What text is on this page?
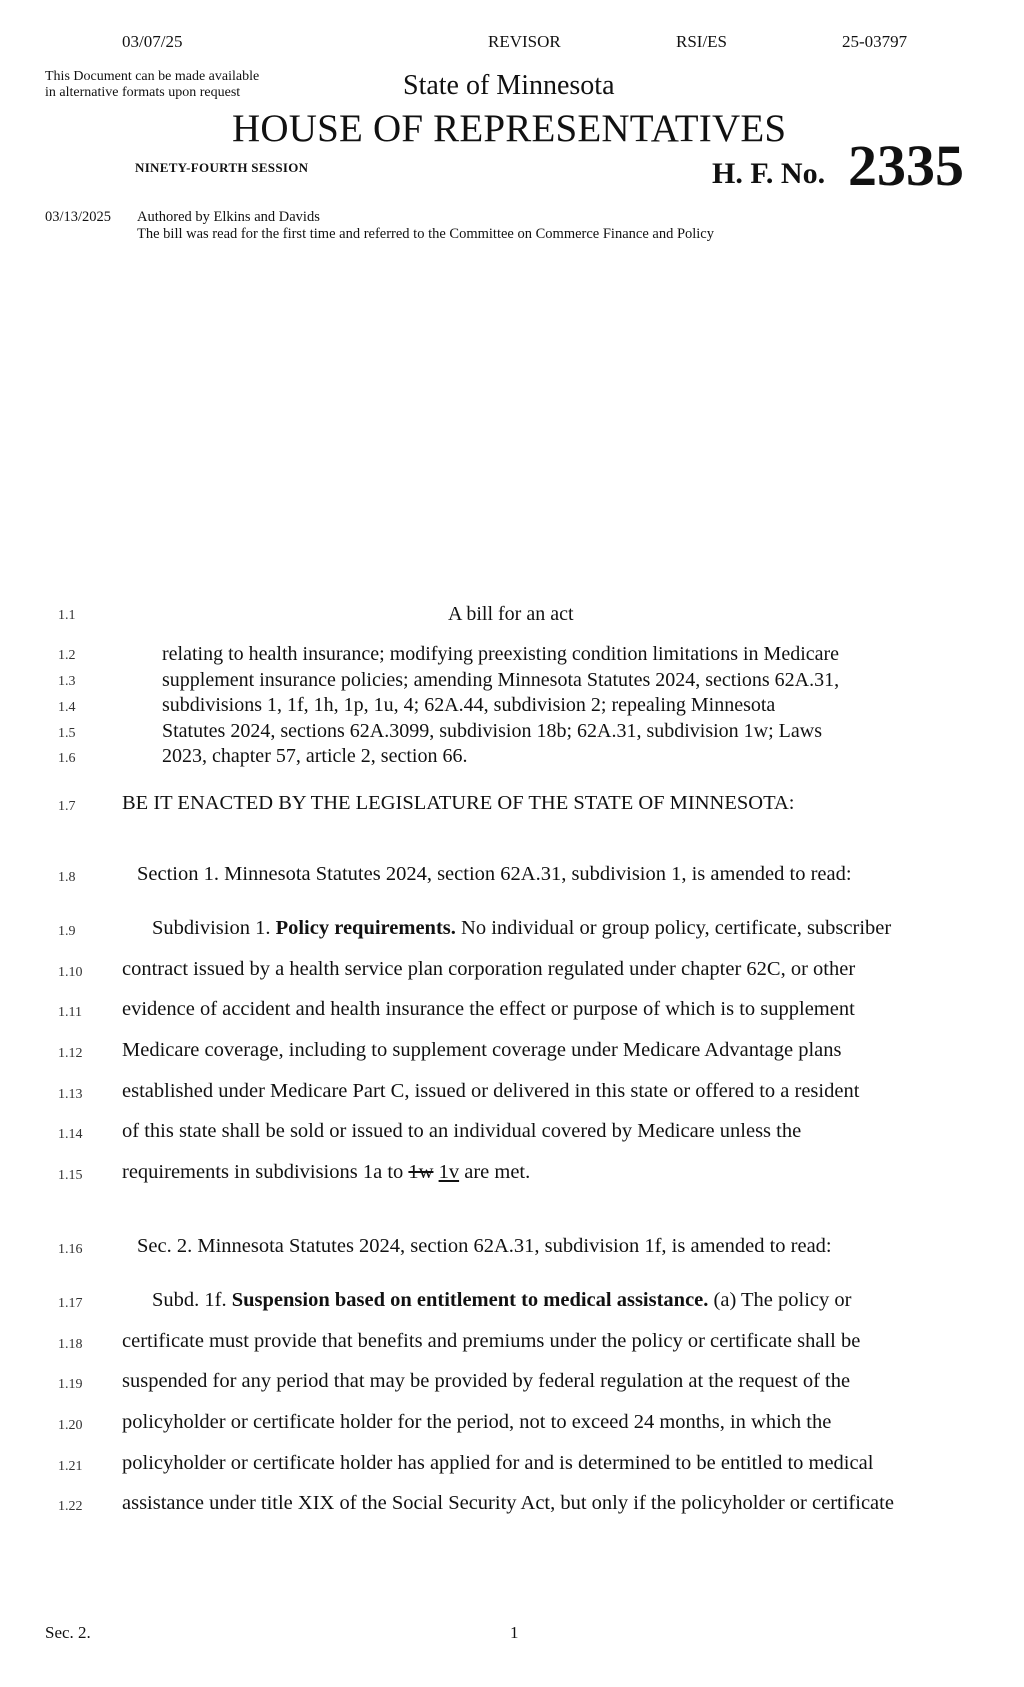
03/07/25	REVISOR	RSI/ES	25-03797
This Document can be made available
in alternative formats upon request	State of Minnesota
HOUSE OF REPRESENTATIVES
NINETY-FOURTH SESSION	H. F. No. 2335
03/13/2025 Authored by Elkins and Davids
The bill was read for the first time and referred to the Committee on Commerce Finance and Policy
1.1	A bill for an act
1.2	relating to health insurance; modifying preexisting condition limitations in Medicare
1.3	supplement insurance policies; amending Minnesota Statutes 2024, sections 62A.31,
1.4	subdivisions 1, 1f, 1h, 1p, 1u, 4; 62A.44, subdivision 2; repealing Minnesota
1.5	Statutes 2024, sections 62A.3099, subdivision 18b; 62A.31, subdivision 1w; Laws
1.6	2023, chapter 57, article 2, section 66.
1.7 BE IT ENACTED BY THE LEGISLATURE OF THE STATE OF MINNESOTA:
1.8	Section 1. Minnesota Statutes 2024, section 62A.31, subdivision 1, is amended to read:
1.9	Subdivision 1. Policy requirements. No individual or group policy, certificate, subscriber
1.10 contract issued by a health service plan corporation regulated under chapter 62C, or other
1.11 evidence of accident and health insurance the effect or purpose of which is to supplement
1.12 Medicare coverage, including to supplement coverage under Medicare Advantage plans
1.13 established under Medicare Part C, issued or delivered in this state or offered to a resident
1.14 of this state shall be sold or issued to an individual covered by Medicare unless the
1.15 requirements in subdivisions 1a to 1w 1v are met.
1.16	Sec. 2. Minnesota Statutes 2024, section 62A.31, subdivision 1f, is amended to read:
1.17	Subd. 1f. Suspension based on entitlement to medical assistance. (a) The policy or
1.18 certificate must provide that benefits and premiums under the policy or certificate shall be
1.19 suspended for any period that may be provided by federal regulation at the request of the
1.20 policyholder or certificate holder for the period, not to exceed 24 months, in which the
1.21 policyholder or certificate holder has applied for and is determined to be entitled to medical
1.22 assistance under title XIX of the Social Security Act, but only if the policyholder or certificate
Sec. 2.	1
